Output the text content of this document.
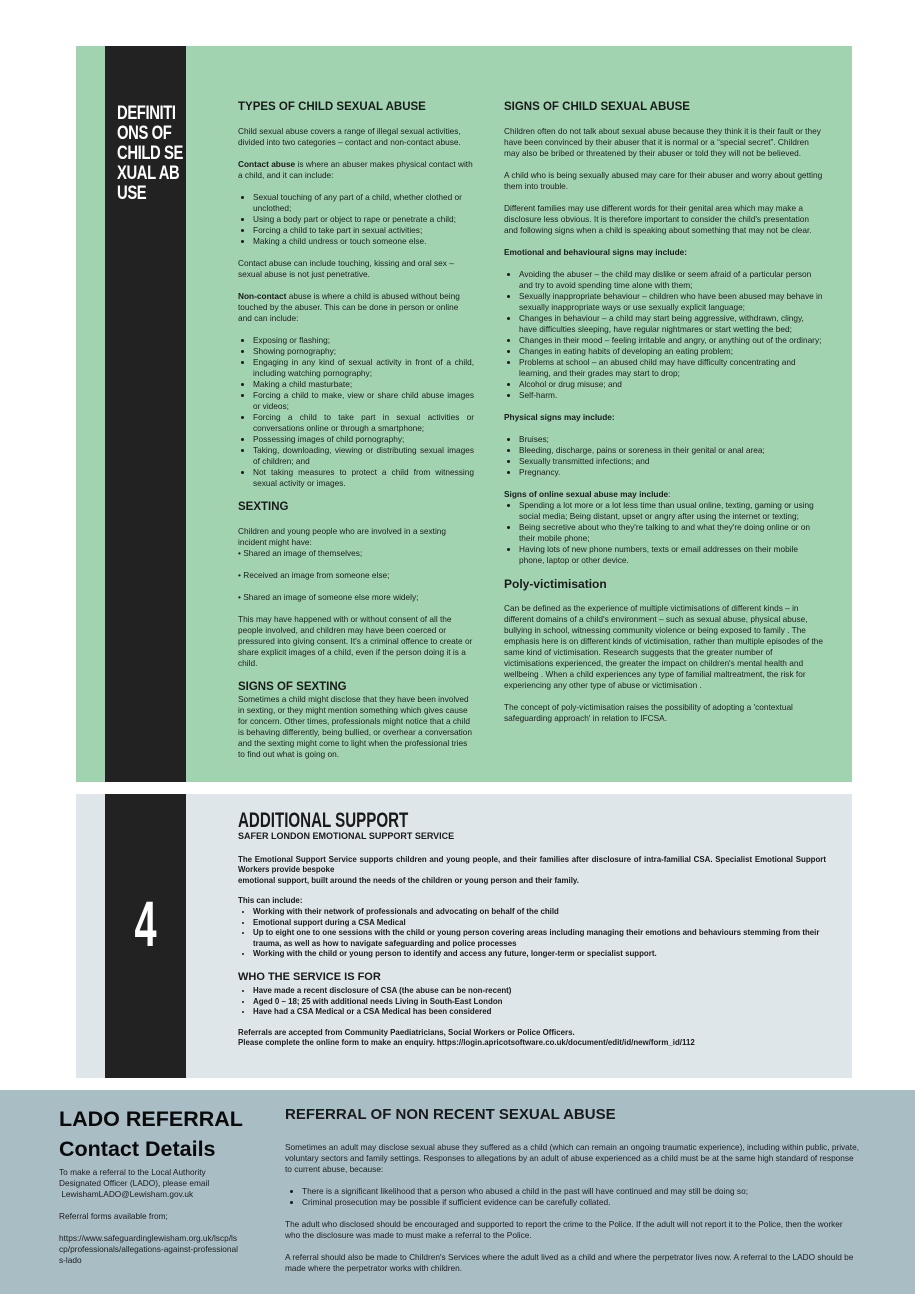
DEFINITIONS OF CHILD SEXUAL ABUSE
TYPES OF CHILD SEXUAL ABUSE

Child sexual abuse covers a range of illegal sexual activities, divided into two categories – contact and non-contact abuse.

Contact abuse is where an abuser makes physical contact with a child, and it can include:

• Sexual touching of any part of a child, whether clothed or unclothed;
• Using a body part or object to rape or penetrate a child;
• Forcing a child to take part in sexual activities;
• Making a child undress or touch someone else.

Contact abuse can include touching, kissing and oral sex – sexual abuse is not just penetrative.

Non-contact abuse is where a child is abused without being touched by the abuser. This can be done in person or online and can include:

• Exposing or flashing;
• Showing pornography;
• Engaging in any kind of sexual activity in front of a child, including watching pornography;
• Making a child masturbate;
• Forcing a child to make, view or share child abuse images or videos;
• Forcing a child to take part in sexual activities or conversations online or through a smartphone;
• Possessing images of child pornography;
• Taking, downloading, viewing or distributing sexual images of children; and
• Not taking measures to protect a child from witnessing sexual activity or images.
SEXTING

Children and young people who are involved in a sexting incident might have:
• Shared an image of themselves;

• Received an image from someone else;

• Shared an image of someone else more widely;

This may have happened with or without consent of all the people involved, and children may have been coerced or pressured into giving consent. It's a criminal offence to create or share explicit images of a child, even if the person doing it is a child.

SIGNS OF SEXTING

Sometimes a child might disclose that they have been involved in sexting, or they might mention something which gives cause for concern. Other times, professionals might notice that a child is behaving differently, being bullied, or overhear a conversation and the sexting might come to light when the professional tries to find out what is going on.

SIGNS OF CHILD SEXUAL ABUSE

Children often do not talk about sexual abuse because they think it is their fault or they have been convinced by their abuser that it is normal or a “special secret”. Children may also be bribed or threatened by their abuser or told they will not be believed.

A child who is being sexually abused may care for their abuser and worry about getting them into trouble.

Different families may use different words for their genital area which may make a disclosure less obvious. It is therefore important to consider the child's presentation and following signs when a child is speaking about something that may not be clear.

Emotional and behavioural signs may include:
• Avoiding the abuser – the child may dislike or seem afraid of a particular person and try to avoid spending time alone with them;
• Sexually inappropriate behaviour – children who have been abused may behave in sexually inappropriate ways or use sexually explicit language;
• Changes in behaviour – a child may start being aggressive, withdrawn, clingy, have difficulties sleeping, have regular nightmares or start wetting the bed;
• Changes in their mood – feeling irritable and angry, or anything out of the ordinary;
• Changes in eating habits of developing an eating problem;
• Problems at school – an abused child may have difficulty concentrating and learning, and their grades may start to drop;
• Alcohol or drug misuse; and
• Self-harm.
Physical signs may include:
• Bruises;
• Bleeding, discharge, pains or soreness in their genital or anal area;
• Sexually transmitted infections; and
• Pregnancy.
Signs of online sexual abuse may include:
• Spending a lot more or a lot less time than usual online, texting, gaming or using social media; Being distant, upset or angry after using the internet or texting;
• Being secretive about who they're talking to and what they're doing online or on their mobile phone;
• Having lots of new phone numbers, texts or email addresses on their mobile phone, laptop or other device.
Poly-victimisation

Can be defined as the experience of multiple victimisations of different kinds – in different domains of a child's environment – such as sexual abuse, physical abuse, bullying in school, witnessing community violence or being exposed to family . The emphasis here is on different kinds of victimisation, rather than multiple episodes of the same kind of victimisation. Research suggests that the greater number of victimisations experienced, the greater the impact on children's mental health and wellbeing . When a child experiences any type of familial maltreatment, the risk for experiencing any other type of abuse or victimisation .

The concept of poly-victimisation raises the possibility of adopting a 'contextual safeguarding approach' in relation to IFCSA.

4
ADDITIONAL SUPPORT
SAFER LONDON EMOTIONAL SUPPORT SERVICE

The Emotional Support Service supports children and young people, and their families after disclosure of intra-familial CSA. Specialist Emotional Support Workers provide bespoke

emotional support, built around the needs of the children or young person and their family.

This can include:
• Working with their network of professionals and advocating on behalf of the child
• Emotional support during a CSA Medical
• Up to eight one to one sessions with the child or young person covering areas including managing their emotions and behaviours stemming from their trauma, as well as how to navigate safeguarding and police processes
• Working with the child or young person to identify and access any future, longer-term or specialist support.
WHO THE SERVICE IS FOR
• Have made a recent disclosure of CSA (the abuse can be non-recent)
• Aged 0 – 18; 25 with additional needs Living in South-East London
• Have had a CSA Medical or a CSA Medical has been considered
Referrals are accepted from Community Paediatricians, Social Workers or Police Officers.
Please complete the online form to make an enquiry. https://login.apricotsoftware.co.uk/document/edit/id/new/form_id/112
LADO REFERRAL
Contact Details

To make a referral to the Local Authority Designated Officer (LADO), please email
LewishamLADO@Lewisham.gov.uk

Referral forms available from;

https://www.safeguardinglewisham.org.uk/lscp/lscp/professionals/allegations-against-professionals-lado

REFERRAL OF NON RECENT SEXUAL ABUSE

Sometimes an adult may disclose sexual abuse they suffered as a child (which can remain an ongoing traumatic experience), including within public, private, voluntary sectors and family settings. Responses to allegations by an adult of abuse experienced as a child must be at the same high standard of response to current abuse, because:

• There is a significant likelihood that a person who abused a child in the past will have continued and may still be doing so;
• Criminal prosecution may be possible if sufficient evidence can be carefully collated.

The adult who disclosed should be encouraged and supported to report the crime to the Police. If the adult will not report it to the Police, then the worker who the disclosure was made to must make a referral to the Police.

A referral should also be made to Children's Services where the adult lived as a child and where the perpetrator lives now. A referral to the LADO should be made where the perpetrator works with children.
